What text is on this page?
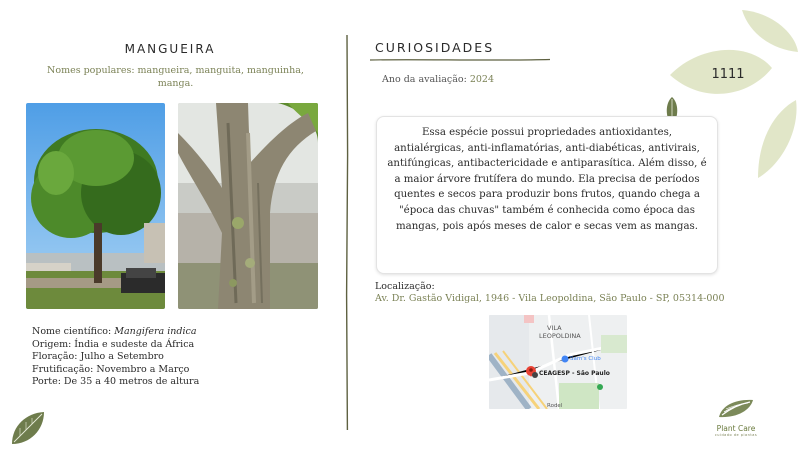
MANGUEIRA
Nomes populares: mangueira, manguita, manguinha, manga.
Nome científico: Mangifera indica
Origem: Índia e sudeste da África
Floração: Julho a Setembro
Frutificação: Novembro a Março
Porte: De 35 a 40 metros de altura
CURIOSIDADES
Ano da avaliação: 2024	1111
Essa espécie possui propriedades antioxidantes, antialérgicas, anti-inflamatórias, anti-diabéticas, antivirais, antifúngicas, antibactericidade e antiparasítica. Além disso, é a maior árvore frutífera do mundo. Ela precisa de períodos quentes e secos para produzir bons frutos, quando chega a "época das chuvas" também é conhecida como época das mangas, pois após meses de calor e secas vem as mangas.
Localização:
Av. Dr. Gastão Vidigal, 1946 - Vila Leopoldina, São Paulo - SP, 05314-000
VILA
LEOPOLDINA
Sam's Club
CEAGESP - São Paulo
Rodel
Plant Care
cuidado de plantas
